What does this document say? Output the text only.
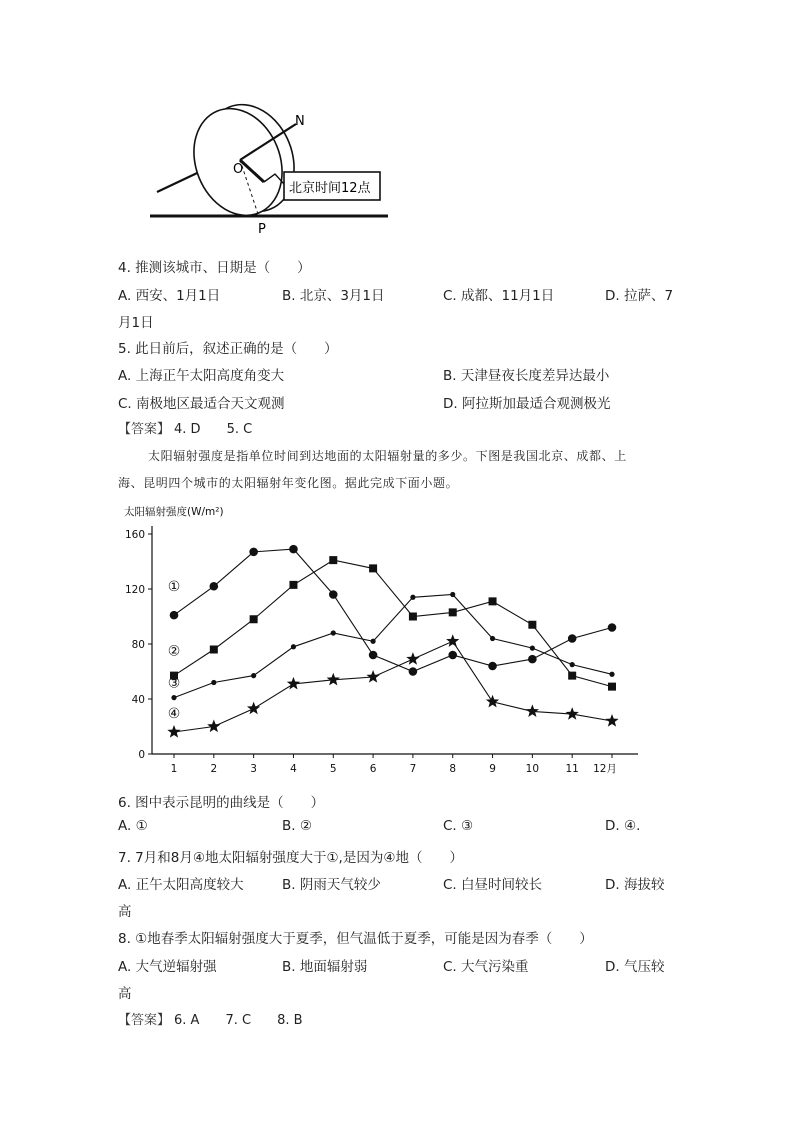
N
O
P
北京时间12点
4. 推测该城市、日期是（　　）
A. 西安、1月1日	B. 北京、3月1日	C. 成都、11月1日	D. 拉萨、7
月1日
5. 此日前后，叙述正确的是（　　）
A. 上海正午太阳高度角变大	B. 天津昼夜长度差异达最小
C. 南极地区最适合天文观测	D. 阿拉斯加最适合观测极光
【答案】 4. D 5. C
太阳辐射强度是指单位时间到达地面的太阳辐射量的多少。下图是我国北京、成都、上
海、昆明四个城市的太阳辐射年变化图。据此完成下面小题。
太阳辐射强度(W/m²)
0
40
80
120
160
1	2	3	4	5	6	7	8	9	10	11 12月
①
②
③
④
6. 图中表示昆明的曲线是（　　）
A. ①	B. ②	C. ③	D. ④.
7. 7月和8月④地太阳辐射强度大于①,是因为④地（　　）
A. 正午太阳高度较大	B. 阴雨天气较少	C. 白昼时间较长	D. 海拔较
高
8. ①地春季太阳辐射强度大于夏季，但气温低于夏季，可能是因为春季（　　）
A. 大气逆辐射强	B. 地面辐射弱	C. 大气污染重	D. 气压较
高
【答案】 6. A 7. C 8. B
